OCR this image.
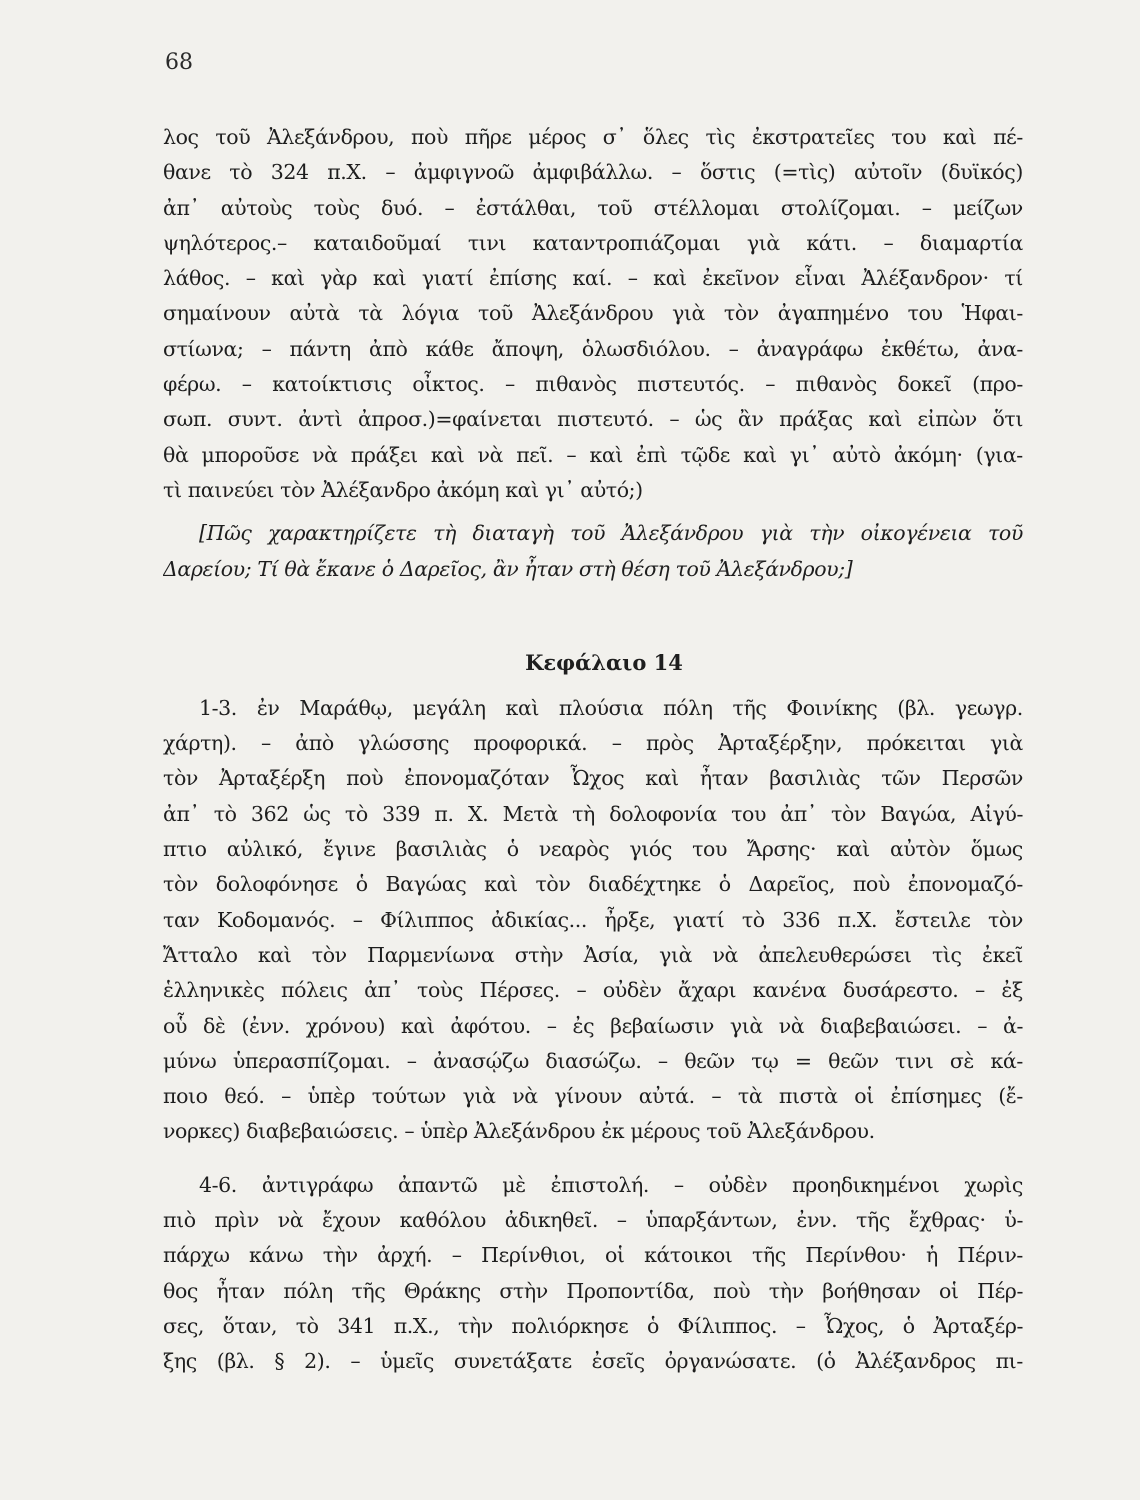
68
λος τοῦ Ἀλεξάνδρου, ποὺ πῆρε μέρος σ᾽ ὅλες τὶς ἐκστρατεῖες του καὶ πέ-
θανε τὸ 324 π.Χ. – ἀμφιγνοῶ ἀμφιβάλλω. – ὅστις (=τὶς) αὐτοῖν (δυϊκός)
ἀπ᾽ αὐτοὺς τοὺς δυό. – ἐστάλθαι, τοῦ στέλλομαι στολίζομαι. – μείζων
ψηλότερος.– καταιδοῦμαί τινι καταντροπιάζομαι γιὰ κάτι. – διαμαρτία
λάθος. – καὶ γὰρ καὶ γιατί ἐπίσης καί. – καὶ ἐκεῖνον εἶναι Ἀλέξανδρον· τί
σημαίνουν αὐτὰ τὰ λόγια τοῦ Ἀλεξάνδρου γιὰ τὸν ἀγαπημένο του Ἡφαι-
στίωνα; – πάντη ἀπὸ κάθε ἄποψη, ὁλωσδιόλου. – ἀναγράφω ἐκθέτω, ἀνα-
φέρω. – κατοίκτισις οἶκτος. – πιθανὸς πιστευτός. – πιθανὸς δοκεῖ (προ-
σωπ. συντ. ἀντὶ ἀπροσ.)=φαίνεται πιστευτό. – ὡς ἂν πράξας καὶ εἰπὼν ὅτι
θὰ μποροῦσε νὰ πράξει καὶ νὰ πεῖ. – καὶ ἐπὶ τῷδε καὶ γι᾽ αὐτὸ ἀκόμη· (για-
τὶ παινεύει τὸν Ἀλέξανδρο ἀκόμη καὶ γι᾽ αὐτό;)
[Πῶς χαρακτηρίζετε τὴ διαταγὴ τοῦ Ἀλεξάνδρου γιὰ τὴν οἰκογένεια τοῦ
Δαρείου; Τί θὰ ἔκανε ὁ Δαρεῖος, ἂν ἦταν στὴ θέση τοῦ Ἀλεξάνδρου;]
Κεφάλαιο 14
1-3. ἐν Μαράθῳ, μεγάλη καὶ πλούσια πόλη τῆς Φοινίκης (βλ. γεωγρ.
χάρτη). – ἀπὸ γλώσσης προφορικά. – πρὸς Ἀρταξέρξην, πρόκειται γιὰ
τὸν Ἀρταξέρξη ποὺ ἐπονομαζόταν Ὦχος καὶ ἦταν βασιλιὰς τῶν Περσῶν
ἀπ᾽ τὸ 362 ὡς τὸ 339 π. Χ. Μετὰ τὴ δολοφονία του ἀπ᾽ τὸν Βαγώα, Αἰγύ-
πτιο αὐλικό, ἔγινε βασιλιὰς ὁ νεαρὸς γιός του Ἄρσης· καὶ αὐτὸν ὅμως
τὸν δολοφόνησε ὁ Βαγώας καὶ τὸν διαδέχτηκε ὁ Δαρεῖος, ποὺ ἐπονομαζό-
ταν Κοδομανός. – Φίλιππος ἀδικίας... ἦρξε, γιατί τὸ 336 π.Χ. ἔστειλε τὸν
Ἄτταλο καὶ τὸν Παρμενίωνα στὴν Ἀσία, γιὰ νὰ ἀπελευθερώσει τὶς ἐκεῖ
ἑλληνικὲς πόλεις ἀπ᾽ τοὺς Πέρσες. – οὐδὲν ἄχαρι κανένα δυσάρεστο. – ἐξ
οὗ δὲ (ἐνν. χρόνου) καὶ ἀφότου. – ἐς βεβαίωσιν γιὰ νὰ διαβεβαιώσει. – ἀ-
μύνω ὑπερασπίζομαι. – ἀνασῴζω διασώζω. – θεῶν τῳ = θεῶν τινι σὲ κά-
ποιο θεό. – ὑπὲρ τούτων γιὰ νὰ γίνουν αὐτά. – τὰ πιστὰ οἱ ἐπίσημες (ἔ-
νορκες) διαβεβαιώσεις. – ὑπὲρ Ἀλεξάνδρου ἐκ μέρους τοῦ Ἀλεξάνδρου.
4-6. ἀντιγράφω ἀπαντῶ μὲ ἐπιστολή. – οὐδὲν προηδικημένοι χωρὶς
πιὸ πρὶν νὰ ἔχουν καθόλου ἀδικηθεῖ. – ὑπαρξάντων, ἐνν. τῆς ἔχθρας· ὑ-
πάρχω κάνω τὴν ἀρχή. – Περίνθιοι, οἱ κάτοικοι τῆς Περίνθου· ἡ Πέριν-
θος ἦταν πόλη τῆς Θράκης στὴν Προποντίδα, ποὺ τὴν βοήθησαν οἱ Πέρ-
σες, ὅταν, τὸ 341 π.Χ., τὴν πολιόρκησε ὁ Φίλιππος. – Ὦχος, ὁ Ἀρταξέρ-
ξης (βλ. § 2). – ὑμεῖς συνετάξατε ἐσεῖς ὀργανώσατε. (ὁ Ἀλέξανδρος πι-
